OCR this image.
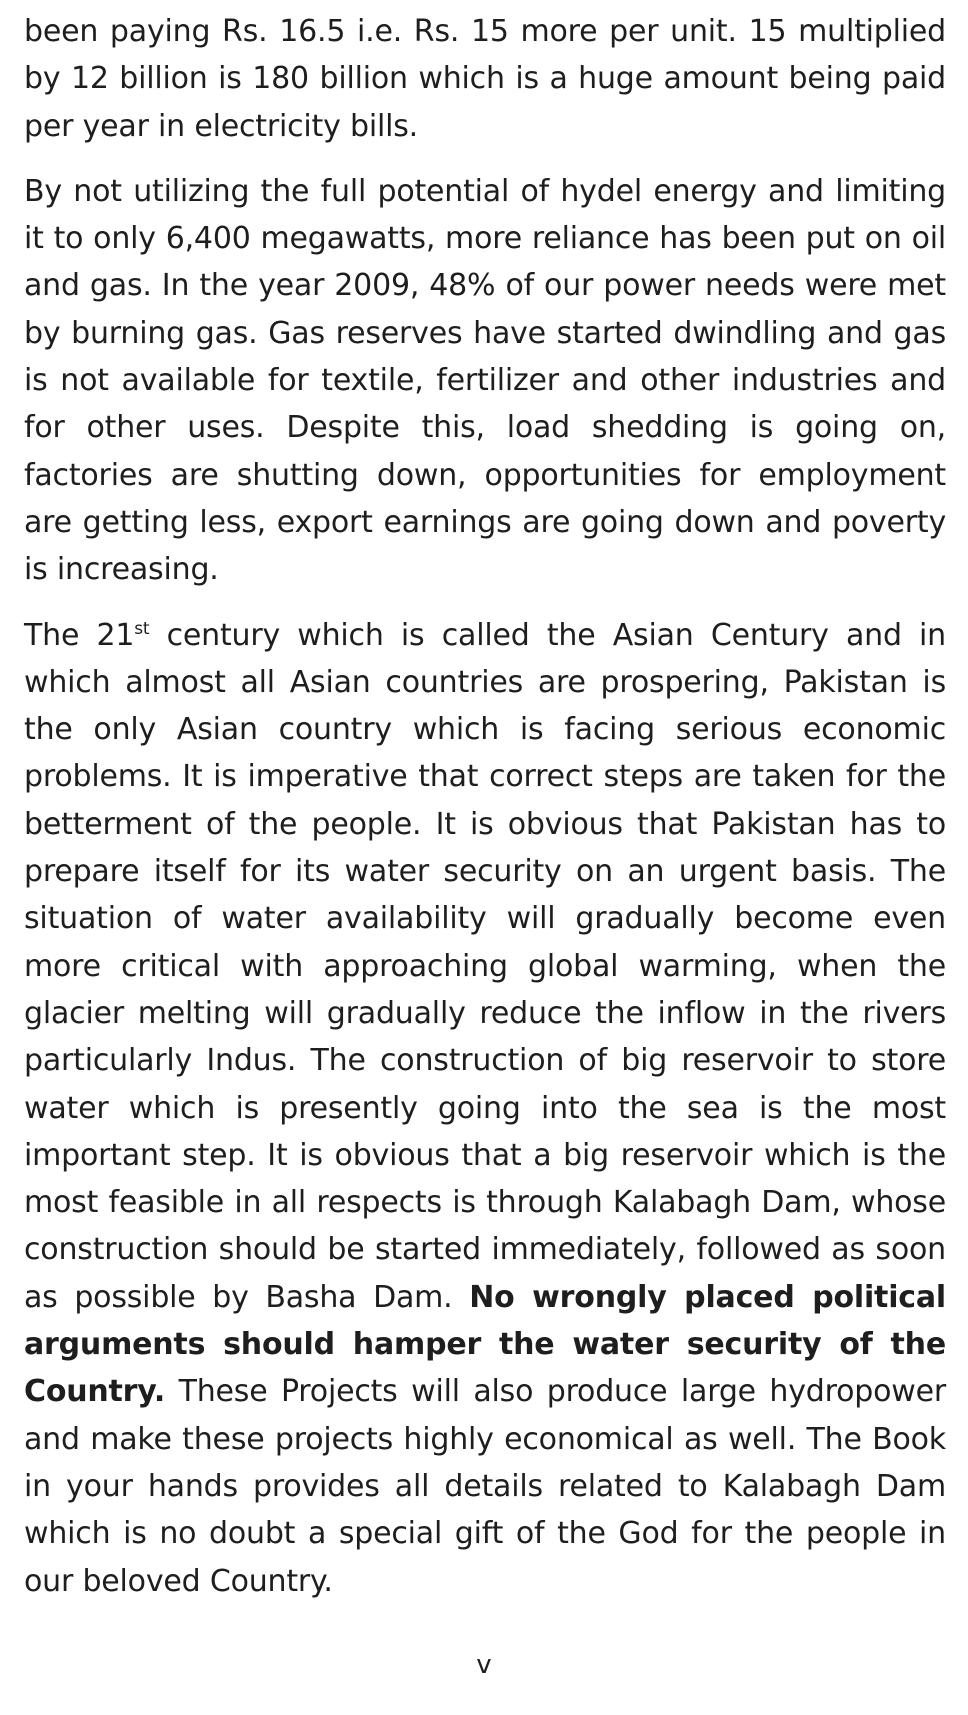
been paying Rs. 16.5 i.e. Rs. 15 more per unit. 15 multiplied by 12 billion is 180 billion which is a huge amount being paid per year in electricity bills.

By not utilizing the full potential of hydel energy and limiting it to only 6,400 megawatts, more reliance has been put on oil and gas. In the year 2009, 48% of our power needs were met by burning gas. Gas reserves have started dwindling and gas is not available for textile, fertilizer and other industries and for other uses. Despite this, load shedding is going on, factories are shutting down, opportunities for employment are getting less, export earnings are going down and poverty is increasing.

The 21st century which is called the Asian Century and in which almost all Asian countries are prospering, Pakistan is the only Asian country which is facing serious economic problems. It is imperative that correct steps are taken for the betterment of the people. It is obvious that Pakistan has to prepare itself for its water security on an urgent basis. The situation of water availability will gradually become even more critical with approaching global warming, when the glacier melting will gradually reduce the inflow in the rivers particularly Indus. The construction of big reservoir to store water which is presently going into the sea is the most important step. It is obvious that a big reservoir which is the most feasible in all respects is through Kalabagh Dam, whose construction should be started immediately, followed as soon as possible by Basha Dam. No wrongly placed political arguments should hamper the water security of the Country. These Projects will also produce large hydropower and make these projects highly economical as well. The Book in your hands provides all details related to Kalabagh Dam which is no doubt a special gift of the God for the people in our beloved Country.

v
